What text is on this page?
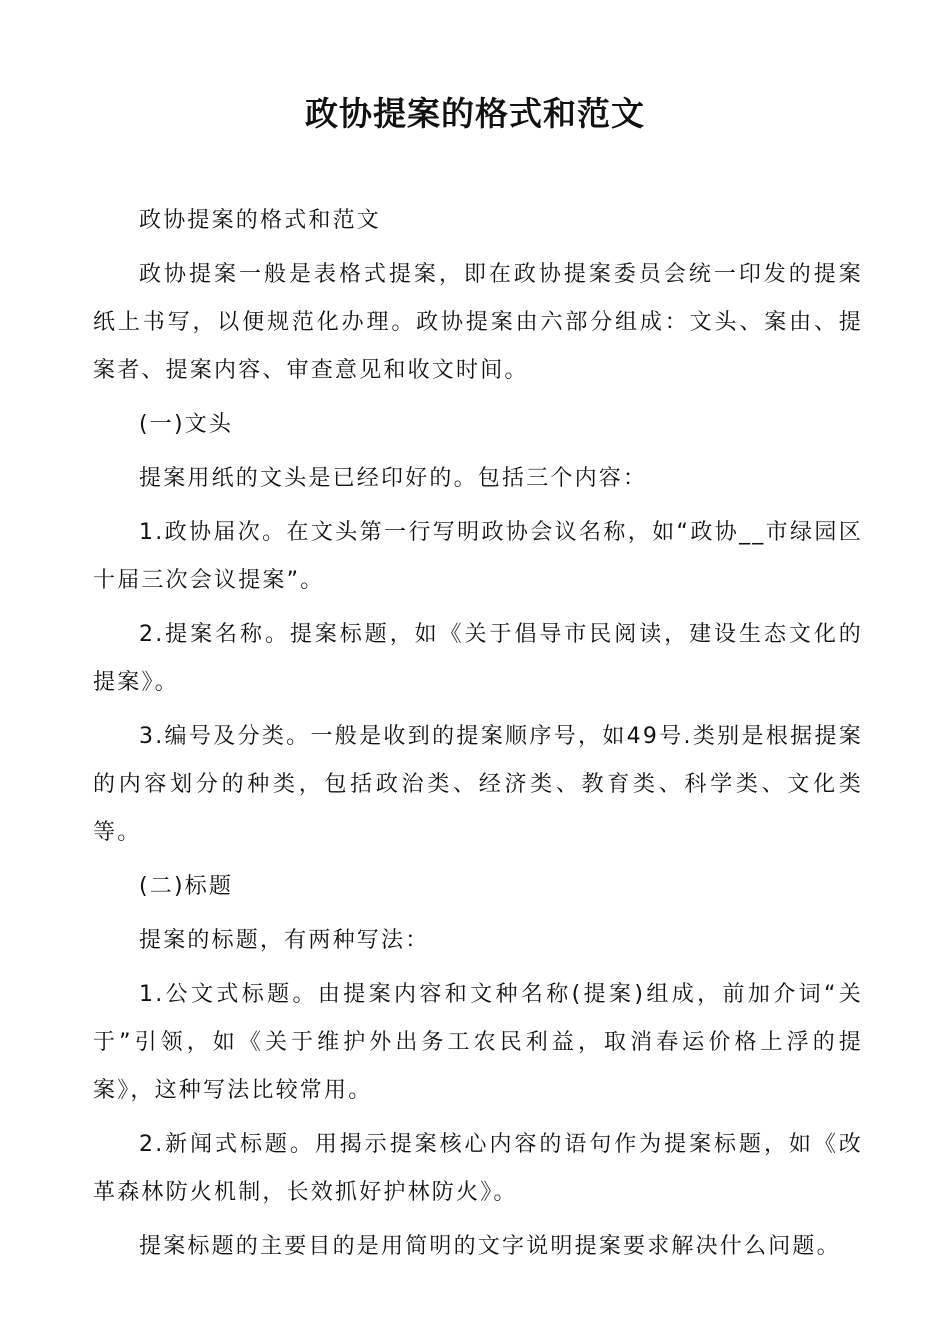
政协提案的格式和范文

政协提案的格式和范文

政协提案一般是表格式提案，即在政协提案委员会统一印发的提案纸上书写，以便规范化办理。政协提案由六部分组成：文头、案由、提案者、提案内容、审查意见和收文时间。

(一)文头

提案用纸的文头是已经印好的。包括三个内容：

1.政协届次。在文头第一行写明政协会议名称，如“政协__市绿园区十届三次会议提案”。

2.提案名称。提案标题，如《关于倡导市民阅读，建设生态文化的提案》。

3.编号及分类。一般是收到的提案顺序号，如49号.类别是根据提案的内容划分的种类，包括政治类、经济类、教育类、科学类、文化类等。

(二)标题

提案的标题，有两种写法：

1.公文式标题。由提案内容和文种名称(提案)组成，前加介词“关于”引领，如《关于维护外出务工农民利益，取消春运价格上浮的提案》，这种写法比较常用。

2.新闻式标题。用揭示提案核心内容的语句作为提案标题，如《改革森林防火机制，长效抓好护林防火》。

提案标题的主要目的是用简明的文字说明提案要求解决什么问题。
